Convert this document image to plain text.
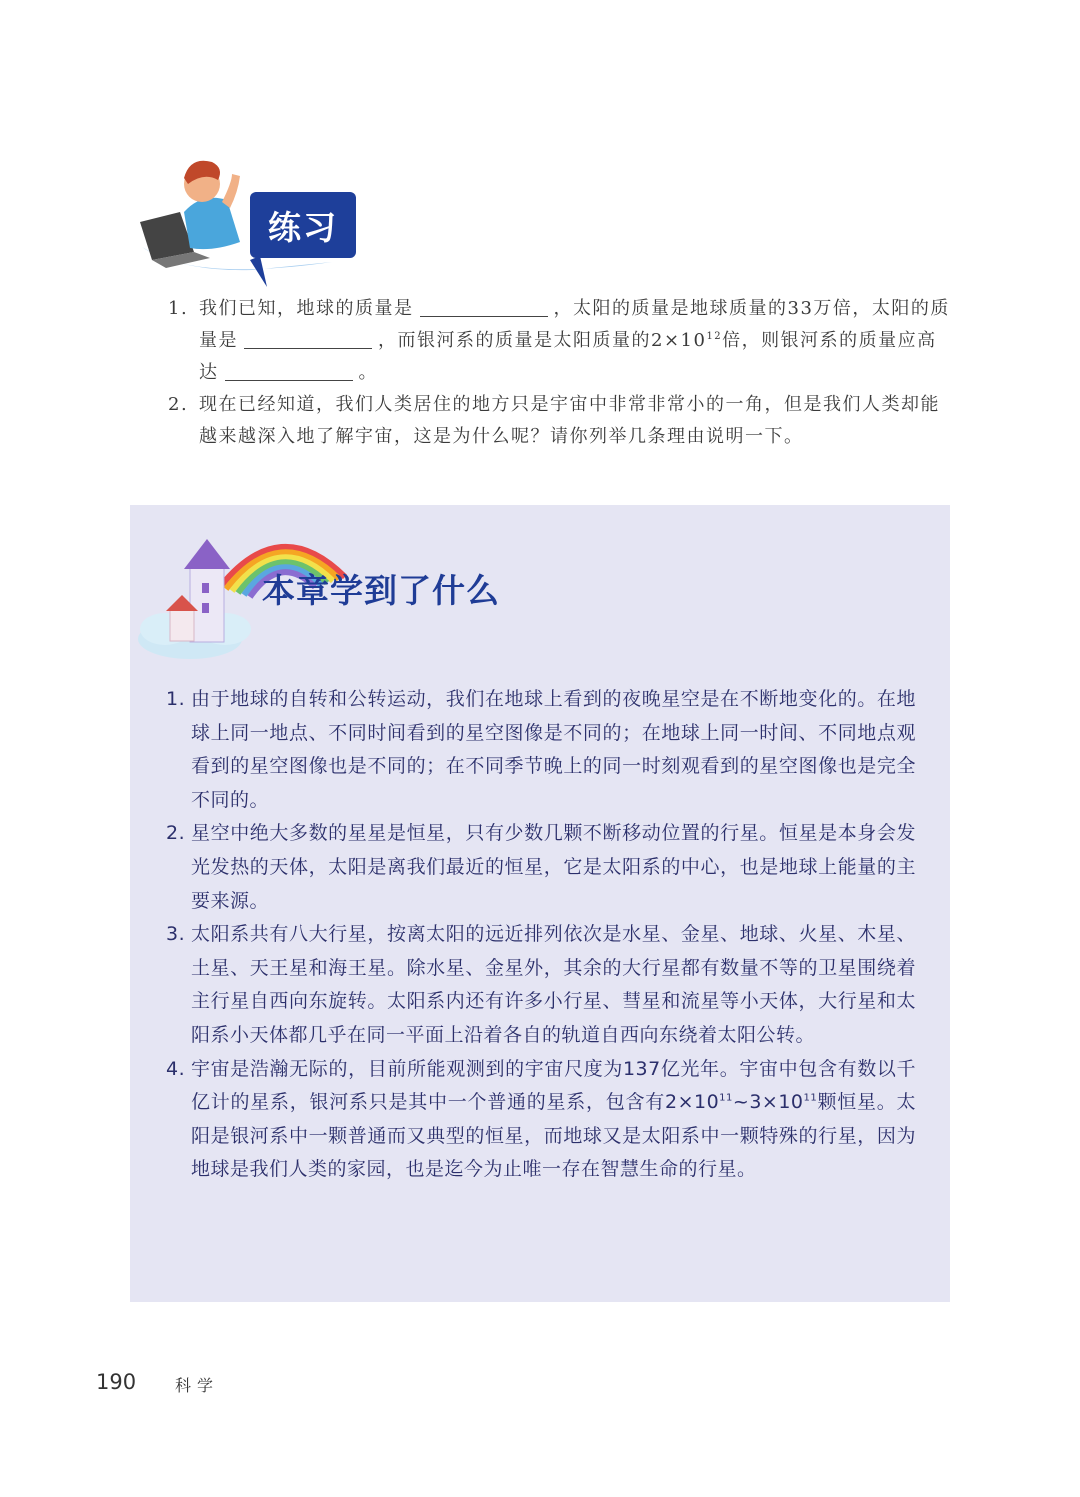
练习
1. 我们已知，地球的质量是	，太阳的质量是地球质量的33万倍，太阳的质量是	，而银河系的质量是太阳质量的$2\times 10^{12}$倍，则银河系的质量应高达	。
2. 现在已经知道，我们人类居住的地方只是宇宙中非常非常小的一角，但是我们人类却能越来越深入地了解宇宙，这是为什么呢？请你列举几条理由说明一下。
本章学到了什么
1. 由于地球的自转和公转运动，我们在地球上看到的夜晚星空是在不断地变化的。在地球上同一地点、不同时间看到的星空图像是不同的；在地球上同一时间、不同地点观看到的星空图像也是不同的；在不同季节晚上的同一时刻观看到的星空图像也是完全不同的。
2. 星空中绝大多数的星星是恒星，只有少数几颗不断移动位置的行星。恒星是本身会发光发热的天体，太阳是离我们最近的恒星，它是太阳系的中心，也是地球上能量的主要来源。
3. 太阳系共有八大行星，按离太阳的远近排列依次是水星、金星、地球、火星、木星、土星、天王星和海王星。除水星、金星外，其余的大行星都有数量不等的卫星围绕着主行星自西向东旋转。太阳系内还有许多小行星、彗星和流星等小天体，大行星和太阳系小天体都几乎在同一平面上沿着各自的轨道自西向东绕着太阳公转。
4. 宇宙是浩瀚无际的，目前所能观测到的宇宙尺度为137亿光年。宇宙中包含有数以千亿计的星系，银河系只是其中一个普通的星系，包含有$2\times 10^{11}\sim 3\times 10^{11}$颗恒星。太阳是银河系中一颗普通而又典型的恒星，而地球又是太阳系中一颗特殊的行星，因为地球是我们人类的家园，也是迄今为止唯一存在智慧生命的行星。
190 科学
